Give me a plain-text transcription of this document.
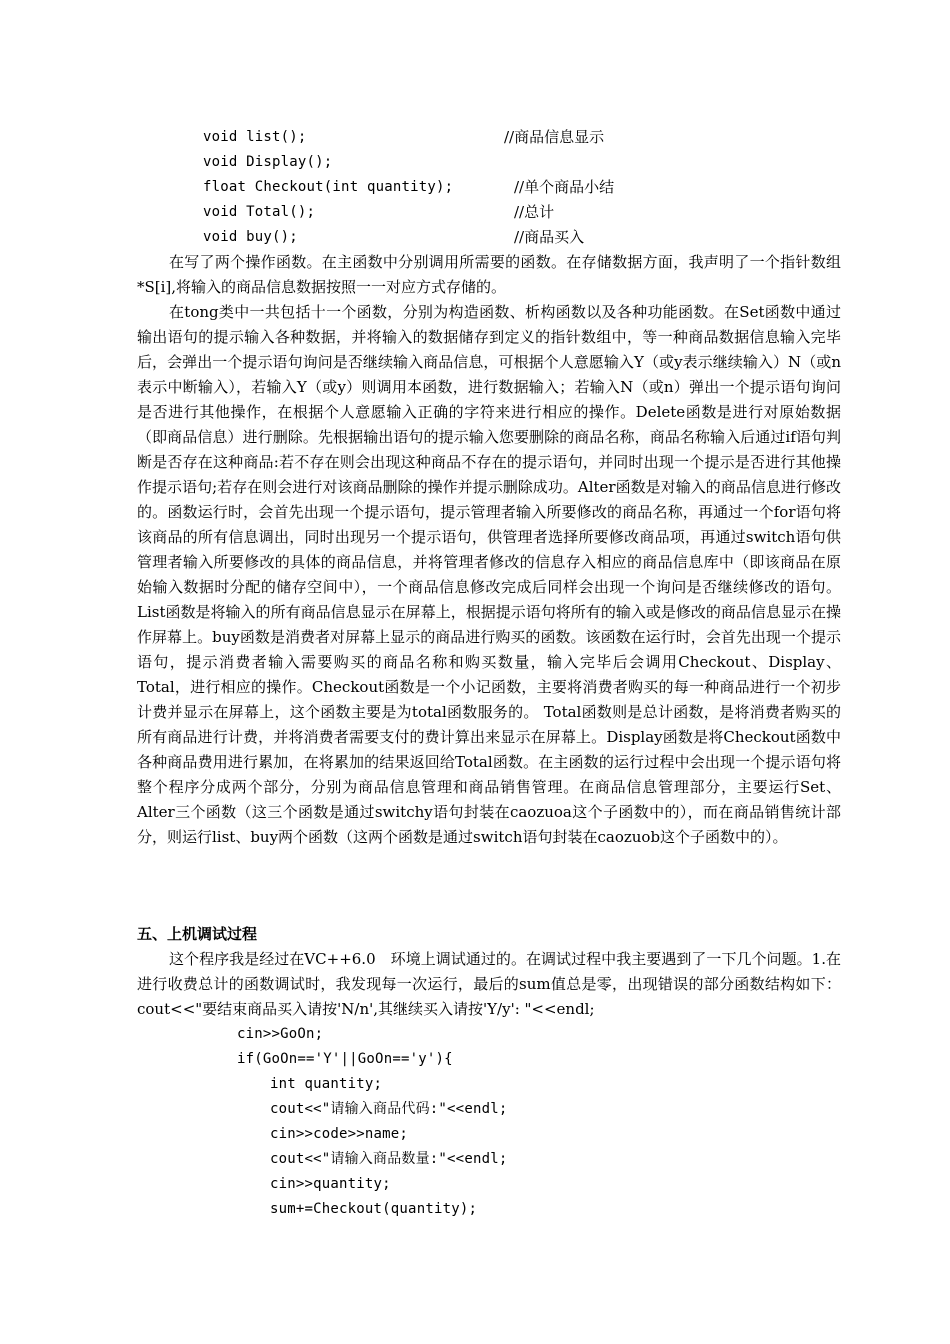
void list();	//商品信息显示
void Display();
float Checkout(int quantity);	//单个商品小结
void Total();	//总计
void buy();	//商品买入

在写了两个操作函数。在主函数中分别调用所需要的函数。在存储数据方面，我声明了一个指针数组*S[i],将输入的商品信息数据按照一一对应方式存储的。

在tong类中一共包括十一个函数，分别为构造函数、析构函数以及各种功能函数。在Set函数中通过输出语句的提示输入各种数据，并将输入的数据储存到定义的指针数组中，等一种商品数据信息输入完毕后，会弹出一个提示语句询问是否继续输入商品信息，可根据个人意愿输入Y（或y表示继续输入）N（或n表示中断输入），若输入Y（或y）则调用本函数，进行数据输入；若输入N（或n）弹出一个提示语句询问是否进行其他操作，在根据个人意愿输入正确的字符来进行相应的操作。Delete函数是进行对原始数据（即商品信息）进行删除。先根据输出语句的提示输入您要删除的商品名称，商品名称输入后通过if语句判断是否存在这种商品:若不存在则会出现这种商品不存在的提示语句，并同时出现一个提示是否进行其他操作提示语句;若存在则会进行对该商品删除的操作并提示删除成功。Alter函数是对输入的商品信息进行修改的。函数运行时，会首先出现一个提示语句，提示管理者输入所要修改的商品名称，再通过一个for语句将该商品的所有信息调出，同时出现另一个提示语句，供管理者选择所要修改商品项，再通过switch语句供管理者输入所要修改的具体的商品信息，并将管理者修改的信息存入相应的商品信息库中（即该商品在原始输入数据时分配的储存空间中），一个商品信息修改完成后同样会出现一个询问是否继续修改的语句。List函数是将输入的所有商品信息显示在屏幕上，根据提示语句将所有的输入或是修改的商品信息显示在操作屏幕上。buy函数是消费者对屏幕上显示的商品进行购买的函数。该函数在运行时，会首先出现一个提示语句，提示消费者输入需要购买的商品名称和购买数量，输入完毕后会调用Checkout、Display、Total，进行相应的操作。Checkout函数是一个小记函数，主要将消费者购买的每一种商品进行一个初步计费并显示在屏幕上，这个函数主要是为total函数服务的。 Total函数则是总计函数，是将消费者购买的所有商品进行计费，并将消费者需要支付的费计算出来显示在屏幕上。Display函数是将Checkout函数中各种商品费用进行累加，在将累加的结果返回给Total函数。在主函数的运行过程中会出现一个提示语句将整个程序分成两个部分，分别为商品信息管理和商品销售管理。在商品信息管理部分，主要运行Set、Alter三个函数（这三个函数是通过switchy语句封装在caozuoa这个子函数中的），而在商品销售统计部分，则运行list、buy两个函数（这两个函数是通过switch语句封装在caozuob这个子函数中的）。

五、上机调试过程

这个程序我是经过在VC++6.0　环境上调试通过的。在调试过程中我主要遇到了一下几个问题。1.在进行收费总计的函数调试时，我发现每一次运行，最后的sum值总是零，出现错误的部分函数结构如下：cout<<"要结束商品买入请按'N/n',其继续买入请按'Y/y': "<<endl;

cin>>GoOn;
if(GoOn=='Y'||GoOn=='y'){
int quantity;
cout<<"请输入商品代码:"<<endl;
cin>>code>>name;
cout<<"请输入商品数量:"<<endl;
cin>>quantity;
sum+=Checkout(quantity);
